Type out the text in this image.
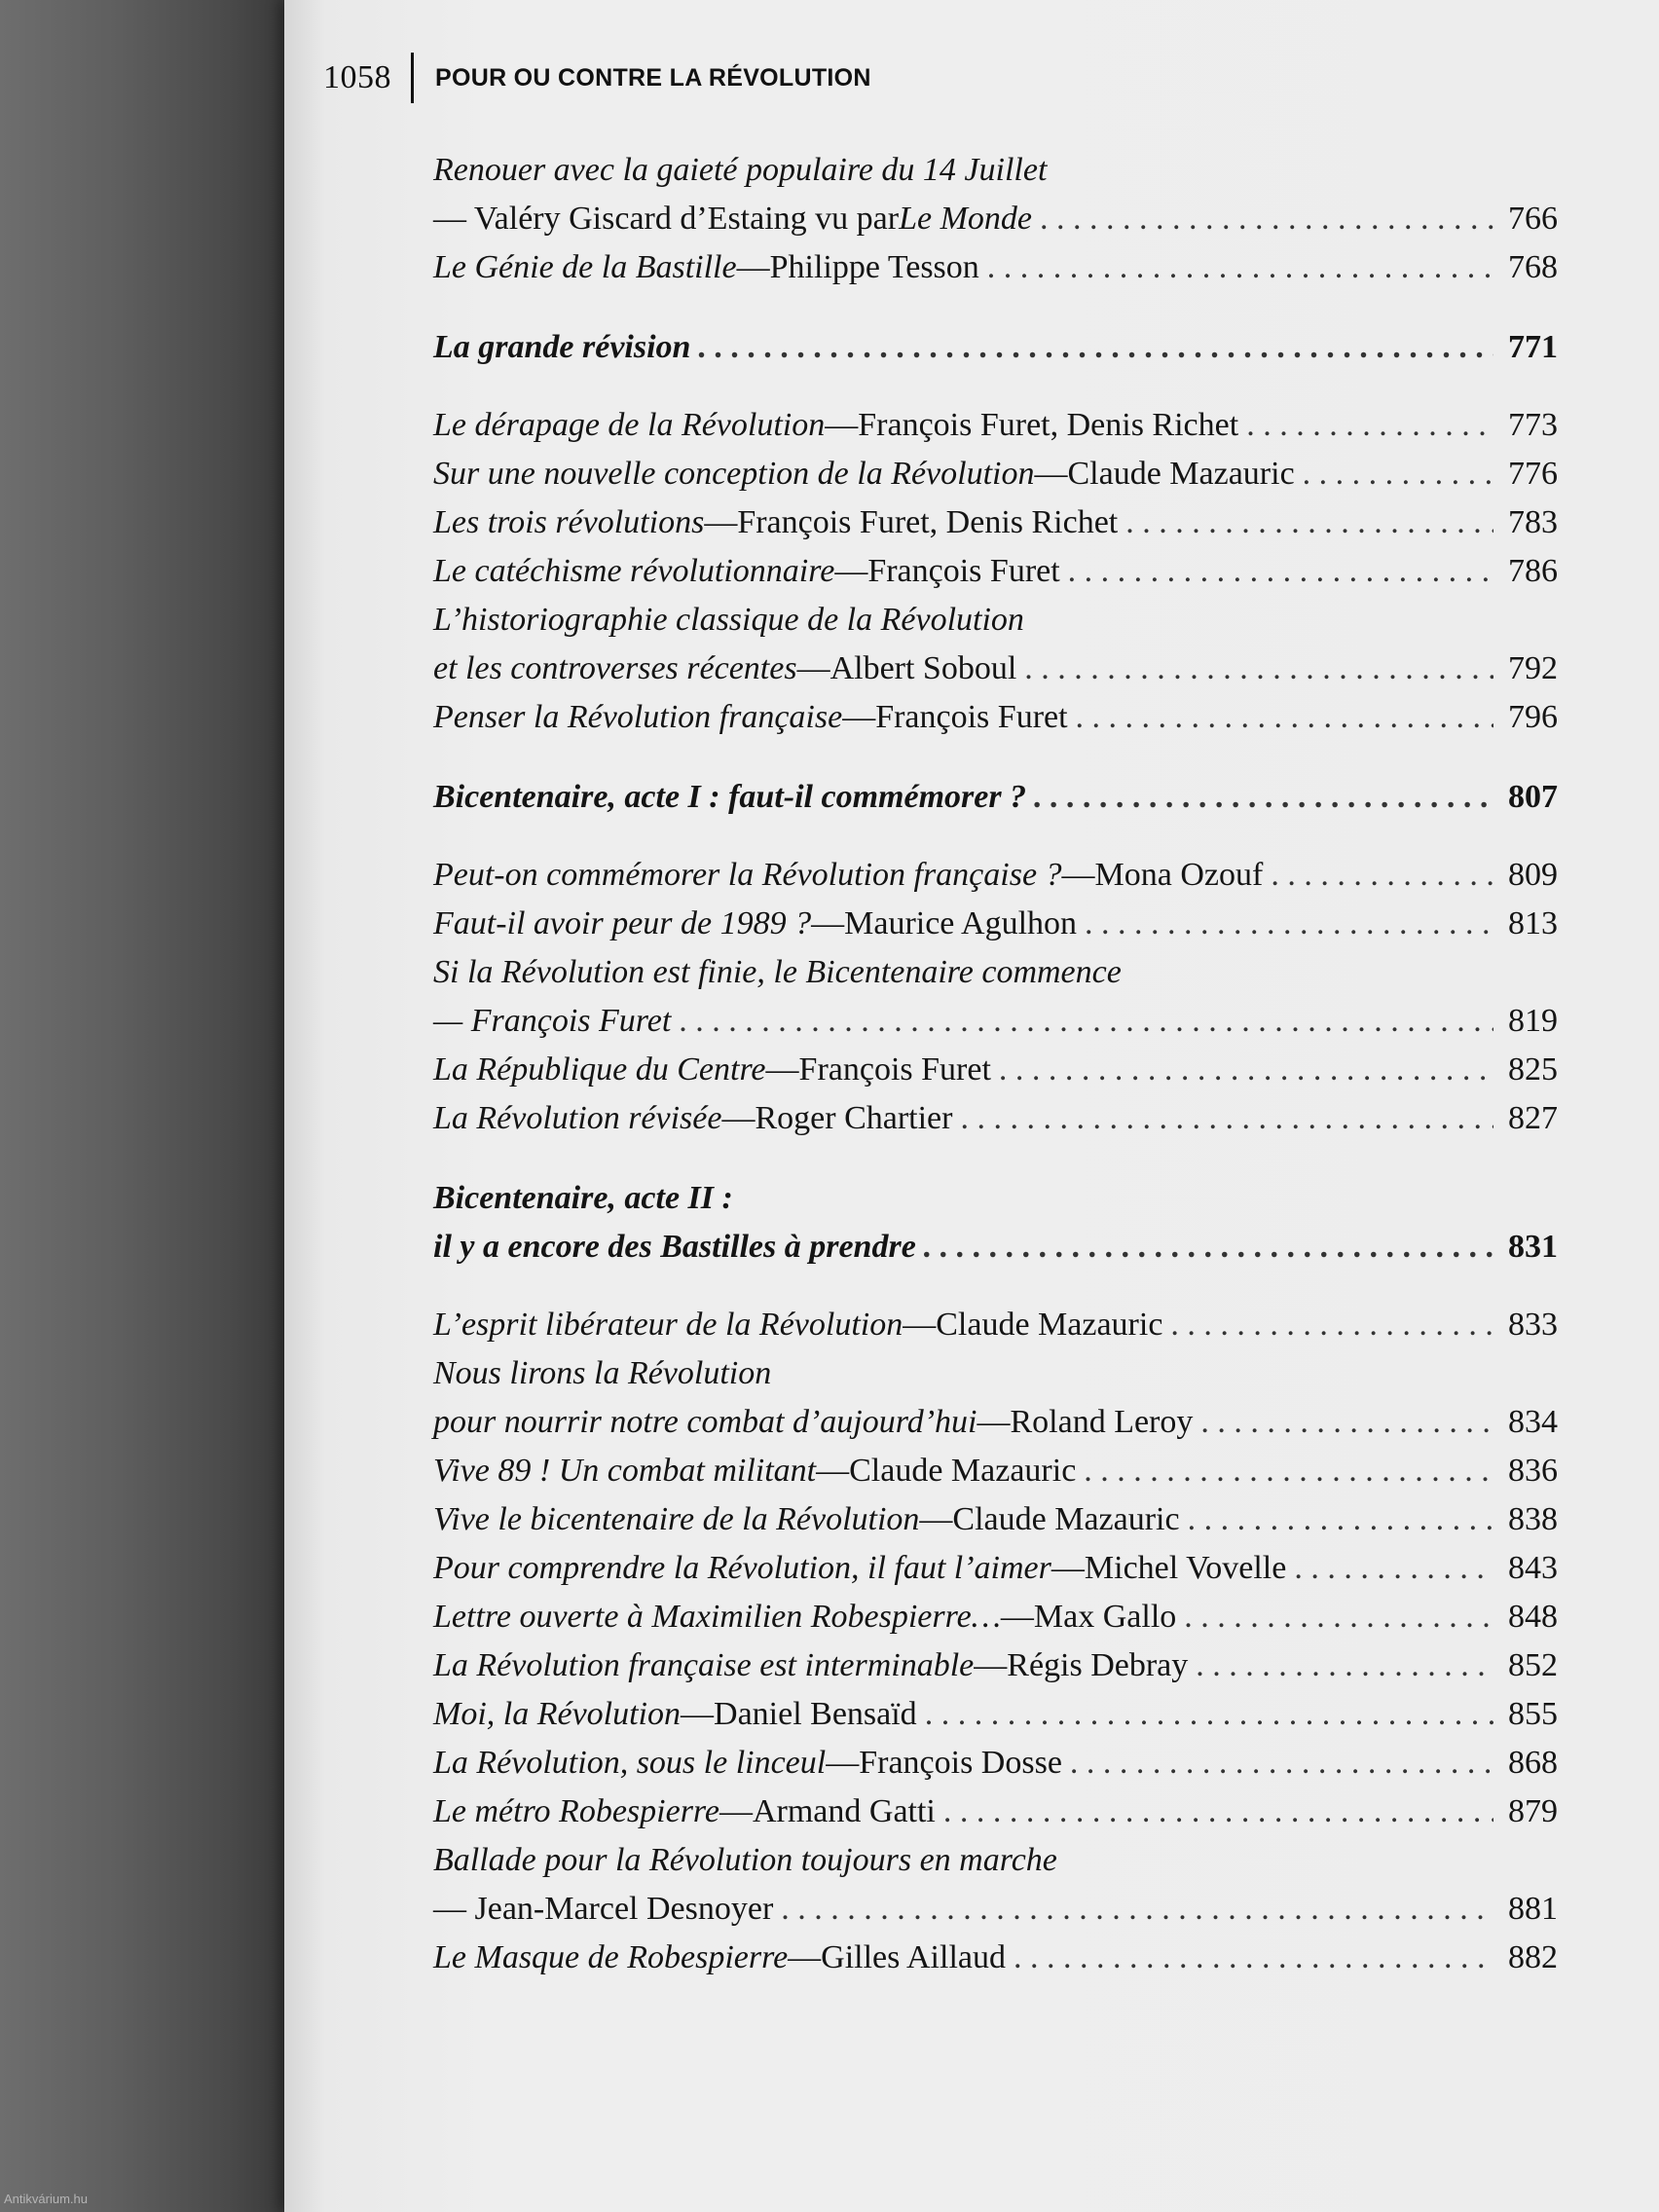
1058 POUR OU CONTRE LA RÉVOLUTION
Renouer avec la gaieté populaire du 14 Juillet
— Valéry Giscard d’Estaing vu par Le Monde . . .	766
Le Génie de la Bastille — Philippe Tesson . . .	768
La grande révision . . .	771
Le dérapage de la Révolution — François Furet, Denis Richet . . .	773
Sur une nouvelle conception de la Révolution — Claude Mazauric . . .	776
Les trois révolutions — François Furet, Denis Richet . . .	783
Le catéchisme révolutionnaire — François Furet . . .	786
L’historiographie classique de la Révolution
et les controverses récentes — Albert Soboul . . .	792
Penser la Révolution française — François Furet . . .	796
Bicentenaire, acte I : faut-il commémorer ? . . .	807
Peut-on commémorer la Révolution française ? — Mona Ozouf . . .	809
Faut-il avoir peur de 1989 ? — Maurice Agulhon . . .	813
Si la Révolution est finie, le Bicentenaire commence
— François Furet . . .	819
La République du Centre — François Furet . . .	825
La Révolution révisée — Roger Chartier . . .	827
Bicentenaire, acte II :
il y a encore des Bastilles à prendre . . .	831
L’esprit libérateur de la Révolution — Claude Mazauric . . .	833
Nous lirons la Révolution
pour nourrir notre combat d’aujourd’hui — Roland Leroy . . .	834
Vive 89 ! Un combat militant — Claude Mazauric . . .	836
Vive le bicentenaire de la Révolution — Claude Mazauric . . .	838
Pour comprendre la Révolution, il faut l’aimer — Michel Vovelle . . .	843
Lettre ouverte à Maximilien Robespierre… — Max Gallo . . .	848
La Révolution française est interminable — Régis Debray . . .	852
Moi, la Révolution — Daniel Bensaïd . . .	855
La Révolution, sous le linceul — François Dosse . . .	868
Le métro Robespierre — Armand Gatti . . .	879
Ballade pour la Révolution toujours en marche
— Jean-Marcel Desnoyer . . .	881
Le Masque de Robespierre — Gilles Aillaud . . .	882
Antikvárium.hu
